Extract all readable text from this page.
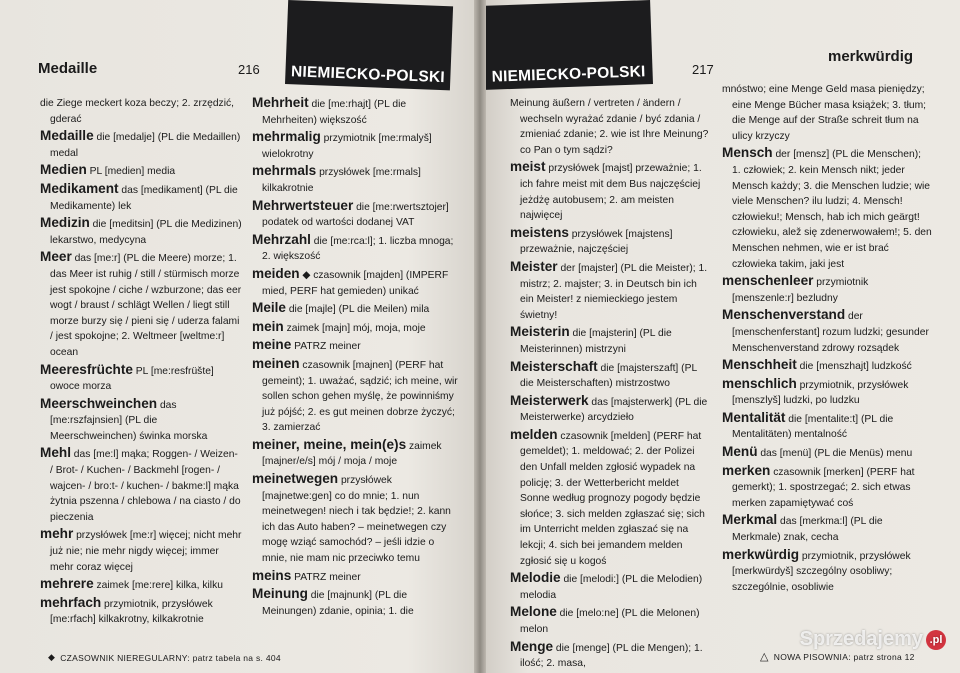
NIEMIECKO-POLSKI
Medaille	216
die Ziege meckert koza beczy; 2. zrzędzić, gderać
Medaille die [medalje] (PL die Medaillen) medal
Medien PL [medien] media
Medikament das [medikament] (PL die Medikamente) lek
Medizin die [meditsin] (PL die Medizinen) lekarstwo, medycyna
Meer das [me:r] (PL die Meere) morze; 1. das Meer ist ruhig / still / stürmisch morze jest spokojne / ciche / wzburzone; das eer wogt / braust / schlägt Wellen / liegt still morze burzy się / pieni się / uderza falami / jest spokojne; 2. Weltmeer [weltme:r] ocean
Meeresfrüchte PL [me:resfrüšte] owoce morza
Meerschweinchen das [me:rszfajnsien] (PL die Meerschweinchen) świnka morska
Mehl das [me:l] mąka; Roggen- / Weizen- / Brot- / Kuchen- / Backmehl [rogen- / wajcen- / bro:t- / kuchen- / bakme:l] mąka żytnia pszenna / chlebowa / na ciasto / do pieczenia
mehr przysłówek [me:r] więcej; nicht mehr już nie; nie mehr nigdy więcej; immer mehr coraz więcej
mehrere zaimek [me:rere] kilka, kilku
mehrfach przymiotnik, przysłówek [me:rfach] kilkakrotny, kilkakrotnie
Mehrheit die [me:rhajt] (PL die Mehrheiten) większość
mehrmalig przymiotnik [me:rmalyš] wielokrotny
mehrmals przysłówek [me:rmals] kilkakrotnie
Mehrwertsteuer die [me:rwertsztojer] podatek od wartości dodanej VAT
Mehrzahl die [me:rca:l]; 1. liczba mnoga; 2. większość
meiden ◆ czasownik [majden] (IMPERF mied, PERF hat gemieden) unikać
Meile die [majle] (PL die Meilen) mila
mein zaimek [majn] mój, moja, moje
meine PATRZ meiner
meinen czasownik [majnen] (PERF hat gemeint); 1. uważać, sądzić; ich meine, wir sollen schon gehen myślę, że powinniśmy już pójść; 2. es gut meinen dobrze życzyć; 3. zamierzać
meiner, meine, mein(e)s zaimek [majner/e/s] mój / moja / moje
meinetwegen przysłówek [majnetwe:gen] co do mnie; 1. nun meinetwegen! niech i tak będzie!; 2. kann ich das Auto haben? – meinetwegen czy mogę wziąć samochód? – jeśli idzie o mnie, nie mam nic przeciwko temu
meins PATRZ meiner
Meinung die [majnunk] (PL die Meinungen) zdanie, opinia; 1. die
◆ CZASOWNIK NIEREGULARNY: patrz tabela na s. 404
NIEMIECKO-POLSKI	217
merkwürdig
Meinung äußern / vertreten / ändern / wechseln wyrażać zdanie / być zdania / zmieniać zdanie; 2. wie ist Ihre Meinung? co Pan o tym sądzi?
meist przysłówek [majst] przeważnie; 1. ich fahre meist mit dem Bus najczęściej jeżdżę autobusem; 2. am meisten najwięcej
meistens przysłówek [majstens] przeważnie, najczęściej
Meister der [majster] (PL die Meister); 1. mistrz; 2. majster; 3. in Deutsch bin ich ein Meister! z niemieckiego jestem świetny!
Meisterin die [majsterin] (PL die Meisterinnen) mistrzyni
Meisterschaft die [majsterszaft] (PL die Meisterschaften) mistrzostwo
Meisterwerk das [majsterwerk] (PL die Meisterwerke) arcydzieło
melden czasownik [melden] (PERF hat gemeldet); 1. meldować; 2. der Polizei den Unfall melden zgłosić wypadek na policję; 3. der Wetterbericht meldet Sonne według prognozy pogody będzie słońce; 3. sich melden zgłaszać się; sich im Unterricht melden zgłaszać się na lekcji; 4. sich bei jemandem melden zgłosić się u kogoś
Melodie die [melodi:] (PL die Melodien) melodia
Melone die [melo:ne] (PL die Melonen) melon
Menge die [menge] (PL die Mengen); 1. ilość; 2. masa,
mnóstwo; eine Menge Geld masa pieniędzy; eine Menge Bücher masa książek; 3. tłum; die Menge auf der Straße schreit tłum na ulicy krzyczy
Mensch der [mensz] (PL die Menschen); 1. człowiek; 2. kein Mensch nikt; jeder Mensch każdy; 3. die Menschen ludzie; wie viele Menschen? ilu ludzi; 4. Mensch! człowieku!; Mensch, hab ich mich geärgt! człowieku, alež się zdenerwowałem!; 5. den Menschen nehmen, wie er ist brać człowieka takim, jaki jest
menschenleer przymiotnik [menszenle:r] bezludny
Menschenverstand der [menschenferstant] rozum ludzki; gesunder Menschenverstand zdrowy rozsądek
Menschheit die [menszhajt] ludzkość
menschlich przymiotnik, przysłówek [menszlyš] ludzki, po ludzku
Mentalität die [mentalite:t] (PL die Mentalitäten) mentalność
Menü das [menü] (PL die Menüs) menu
merken czasownik [merken] (PERF hat gemerkt); 1. spostrzegać; 2. sich etwas merken zapamiętywać coś
Merkmal das [merkma:l] (PL die Merkmale) znak, cecha
merkwürdig przymiotnik, przysłówek [merkwürdyš] szczególny osobliwy; szczególnie, osobliwie
△ NOWA PISOWNIA: patrz strona 12
Sprzedajemy .pl
